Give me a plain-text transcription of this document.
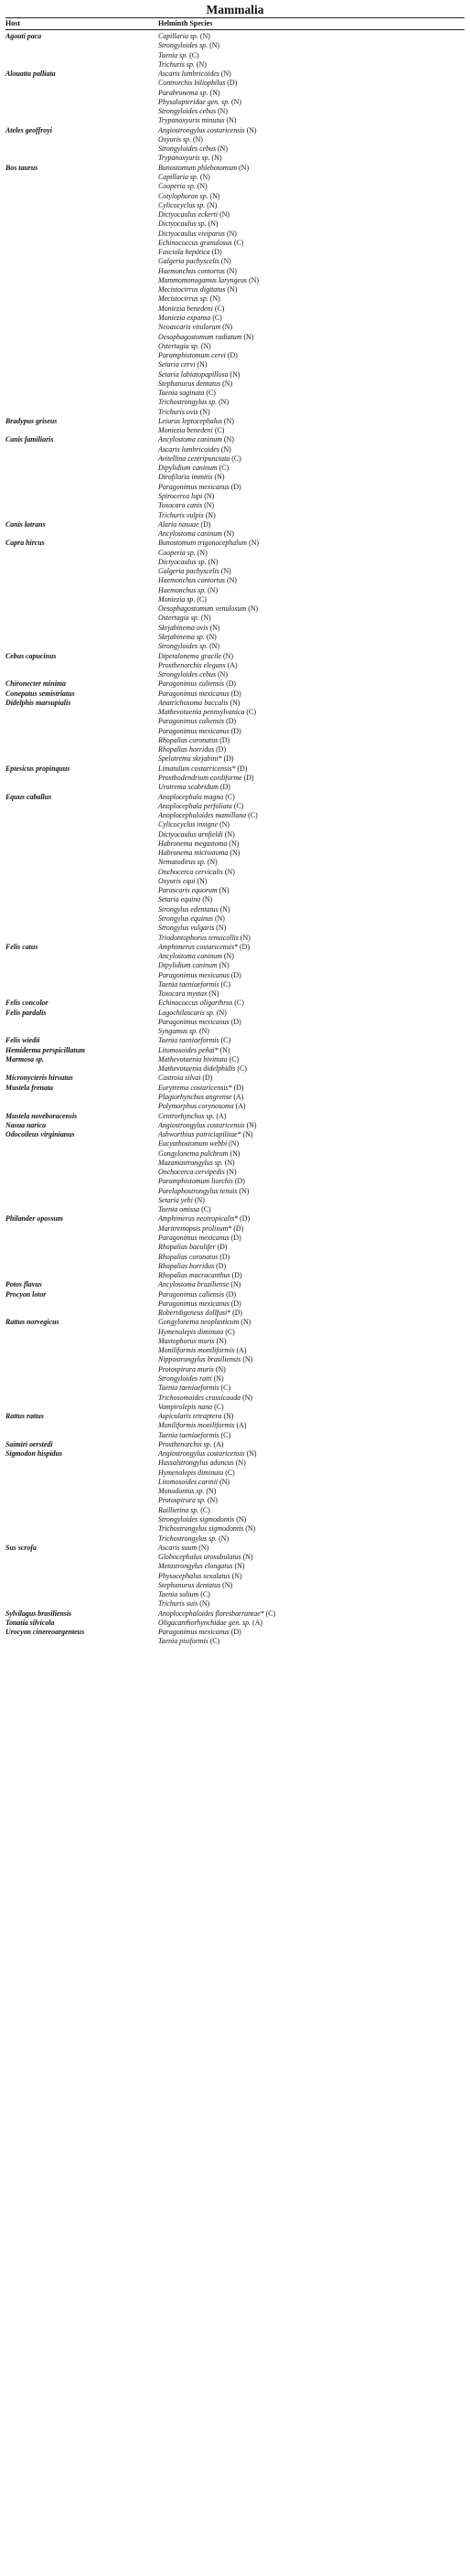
Mammalia
Host	Helminth Species
Agouti paca	Capillaria sp. (N)
Strongyloides sp. (N)
Taenia sp. (C)
Trichuris sp. (N)
Alouatta palliata	Ascaris lumbricoides (N)
Controrchis biliophilus (D)
Parabronema sp. (N)
Physalopteridae gen. sp. (N)
Strongyloides cebus (N)
Trypanoxyuris minutus (N)
Ateles geoffroyi	Angiostrongylus costaricensis (N)
Oxyuris sp. (N)
Strongyloides cebus (N)
Trypanoxyuris sp. (N)
Bos taurus	Bunostomum phlebotomum (N)
Capillaria sp. (N)
Cooperia sp. (N)
Cotylophoron sp. (N)
Cylicocyclus sp. (N)
Dictyocaulus eckerti (N)
Dictyocaulus sp. (N)
Dictyocaulus viviparus (N)
Echinococcus granulosus (C)
Fasciola hepática (D)
Galgeria pachyscelis (N)
Haemonchus contortus (N)
Mammomonogamus laryngeus (N)
Mecistocirrus digitatus (N)
Mecistocirrus sp. (N)
Moniezia benedeni (C)
Moniezia expansa (C)
Neoascaris vitulorum (N)
Oesophagostomum radiatum (N)
Ostertagia sp. (N)
Paramphistomum cervi (D)
Setaria cervi (N)
Setaria labiatopapillosa (N)
Stephanurus dentatus (N)
Taenia saginata (C)
Trichostrongylus sp. (N)
Trichuris ovis (N)
Bradypus griseus	Leiurus leptocephalus (N)
Moniezia benedeni (C)
Canis familiaris	Ancylostoma caninum (N)
Ascaris lumbricoides (N)
Avitellina centripunctata (C)
Dipylidium caninum (C)
Dirofilaria immitis (N)
Paragonimus mexicanus (D)
Spirocerca lupi (N)
Toxocara canis (N)
Trichuris vulpis (N)
Canis latrans	Alaria nasuae (D)
Ancylostoma caninum (N)
Capra hircus	Bunostomum trigonocephalum (N)
Cooperia sp. (N)
Dictyocaulus sp. (N)
Galgeria pachyscelis (N)
Haemonchus contortus (N)
Haemonchus sp. (N)
Moniezia sp. (C)
Oesophagostomum venulosum (N)
Ostertagia sp. (N)
Skrjabinema ovis (N)
Skrjabinema sp. (N)
Strongyloides sp. (N)
Cebus capucinus	Dipetalonema gracile (N)
Prosthenorchis elegans (A)
Strongyloides cebus (N)
Chironecter minima	Paragonimus caliensis (D)
Conepatus semistriatus	Paragonimus mexicanus (D)
Didelphis marsupialis	Anatrichosoma buccalis (N)
Mathevotaenia pennsylvanica (C)
Paragonimus caliensis (D)
Paragonimus mexicanus (D)
Rhopalias coronatus (D)
Rhopalias horridus (D)
Spelotrema skrjabini* (D)
Eptesicus propinquus	Limatulum costarricensis* (D)
Prosthodendrium cordiforme (D)
Urotrema scabridum (D)
Equus caballus	Anoplocephala magna (C)
Anoplocephala perfoliata (C)
Anoplocephaloides mamillana (C)
Cylicocyclus insigne (N)
Dictyocaulus arnfieldi (N)
Habronema megastoma (N)
Habronema microstoma (N)
Nematodirus sp. (N)
Onchocerca cervicalis (N)
Oxyuris equi (N)
Parascaris equorum (N)
Setaria equina (N)
Strongylus edentatus (N)
Strongylus equinus (N)
Strongylus vulgaris (N)
Triodontophorus tenuicollis (N)
Felis catus	Amphimerus costaricensis* (D)
Ancylostoma caninum (N)
Dipylidium caninum (N)
Paragonimus mexicanus (D)
Taenia taeniaeformis (C)
Toxocara mystax (N)
Felis concolor	Echinococcus oligarthrus (C)
Felis pardalis	Lagochilascaris sp. (N)
Paragonimus mexicanus (D)
Syngamus sp. (N)
Felis wiedii	Taenia taeniaeformis (C)
Hemiderma perspicillatum	Litomosoides peñai* (N)
Marmosa sp.	Mathevotaenia bivittata (C)
Mathevotaenia didelphidis (C)
Micronycteris hirsutus	Castroia silvai (D)
Mustela frenata	Eurytrema costaricensis* (D)
Plagiorhynchus angrense (A)
Polymorphus corynosoma (A)
Mustela noveboracensis	Centrorhynchus sp. (A)
Nasua narica	Angiostrongylus costaricensis (N)
Odocoileus virginianus	Ashworthius patriciapilitae* (N)
Eucyathostomum webbi (N)
Gongylonema pulchrum (N)
Mazamastrongylus sp. (N)
Onchocerca cervipedis (N)
Paramphistomum liorchis (D)
Parelaphostrongylus tenuis (N)
Setaria yehi (N)
Taenia omissa (C)
Philander opossum	Amphimerus neotropicalis* (D)
Maritremopsis prolixum* (D)
Paragonimus mexicanus (D)
Rhopalias baculifer (D)
Rhopalias coronatus (D)
Rhopalias horridus (D)
Rhopalias macracanthus (D)
Potos flavus	Ancylostoma braziliense (N)
Procyon lotor	Paragonimus caliensis (D)
Paragonimus mexicanus (D)
Robertdigeneus dollfusi* (D)
Rattus norvegicus	Gongylonema neoplasticum (N)
Hymenolepis diminuta (C)
Mastophorus muris (N)
Moniliformis moniliformis (A)
Nippostrongylus brasiliensis (N)
Protospirura muris (N)
Strongyloides ratti (N)
Taenia taeniaeformis (C)
Trichosomoides crassicauda (N)
Vampirolepis nana (C)
Rattus rattus	Aspicularis tetraptera (N)
Moniliformis moniliformis (A)
Taenia taeniaeformis (C)
Saimiri oerstedi	Prosthenorchis sp. (A)
Sigmodon hispidus	Angiostrongylus costaricensis (N)
Hassalstrongylus aduncus (N)
Hymenolepis diminuta (C)
Litomosoides carinii (N)
Monodontus sp. (N)
Protospirura sp. (N)
Raillietina sp. (C)
Strongyloides sigmodontis (N)
Trichostrongylus sigmodontis (N)
Trichostrongylus sp. (N)
Sus scrofa	Ascaris suum (N)
Globocephalus urosubulatus (N)
Metastrongylus elongatus (N)
Physocephalus sexalatus (N)
Stephanurus dentatus (N)
Taenia solium (C)
Trichuris suis (N)
Sylvilagus brasiliensis	Anoplocephaloides floresbarrantae* (C)
Tonatia silvicola	Oligacanthorhynchidae gen. sp. (A)
Urocyon cinereoargenteus	Paragonimus mexicanus (D)
Taenia pisiformis (C)
